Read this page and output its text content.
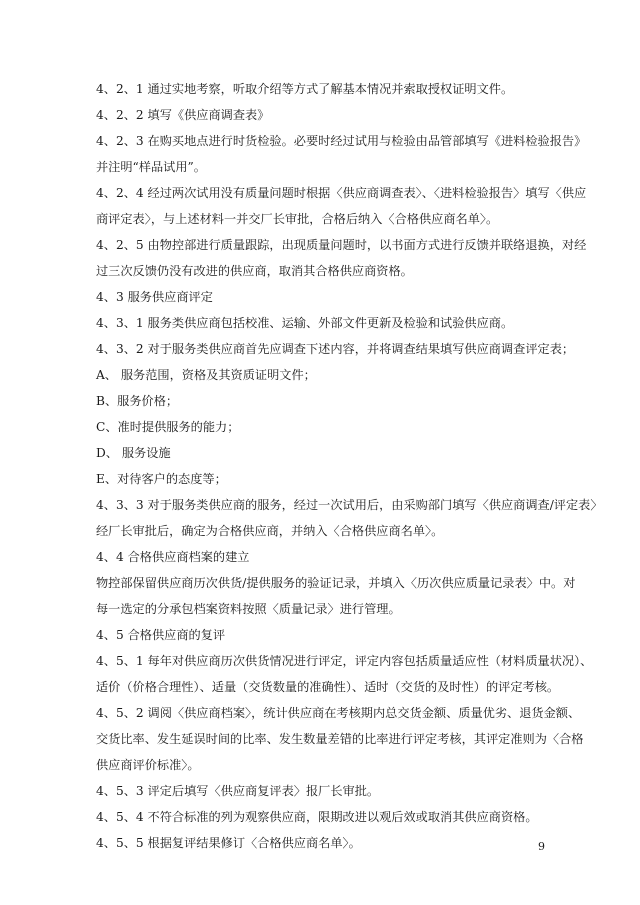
4、2、1 通过实地考察，听取介绍等方式了解基本情况并索取授权证明文件。
4、2、2 填写《供应商调查表》
4、2、3 在购买地点进行时货检验。必要时经过试用与检验由品管部填写《进料检验报告》
并注明“样品试用”。
4、2、4 经过两次试用没有质量问题时根据〈供应商调查表〉、〈进料检验报告〉填写〈供应
商评定表〉，与上述材料一并交厂长审批，合格后纳入〈合格供应商名单〉。
4、2、5 由物控部进行质量跟踪，出现质量问题时，以书面方式进行反馈并联络退换，对经
过三次反馈仍没有改进的供应商，取消其合格供应商资格。
4、3 服务供应商评定
4、3、1 服务类供应商包括校准、运输、外部文件更新及检验和试验供应商。
4、3、2 对于服务类供应商首先应调查下述内容，并将调查结果填写供应商调查评定表；
A、 服务范围，资格及其资质证明文件；
B、服务价格；
C、准时提供服务的能力；
D、 服务设施
E、对待客户的态度等；
4、3、3 对于服务类供应商的服务，经过一次试用后，由采购部门填写〈供应商调查/评定表〉
经厂长审批后，确定为合格供应商，并纳入〈合格供应商名单〉。
4、4 合格供应商档案的建立
物控部保留供应商历次供货/提供服务的验证记录，并填入〈历次供应质量记录表〉中。对
每一选定的分承包档案资料按照〈质量记录〉进行管理。
4、5 合格供应商的复评
4、5、1 每年对供应商历次供货情况进行评定，评定内容包括质量适应性（材料质量状况）、
适价（价格合理性）、适量（交货数量的准确性）、适时（交货的及时性）的评定考核。
4、5、2 调阅〈供应商档案〉，统计供应商在考核期内总交货金额、质量优劣、退货金额、
交货比率、发生延误时间的比率、发生数量差错的比率进行评定考核，其评定准则为〈合格
供应商评价标准〉。
4、5、3 评定后填写〈供应商复评表〉报厂长审批。
4、5、4 不符合标准的列为观察供应商，限期改进以观后效或取消其供应商资格。
4、5、5 根据复评结果修订〈合格供应商名单〉。	9
